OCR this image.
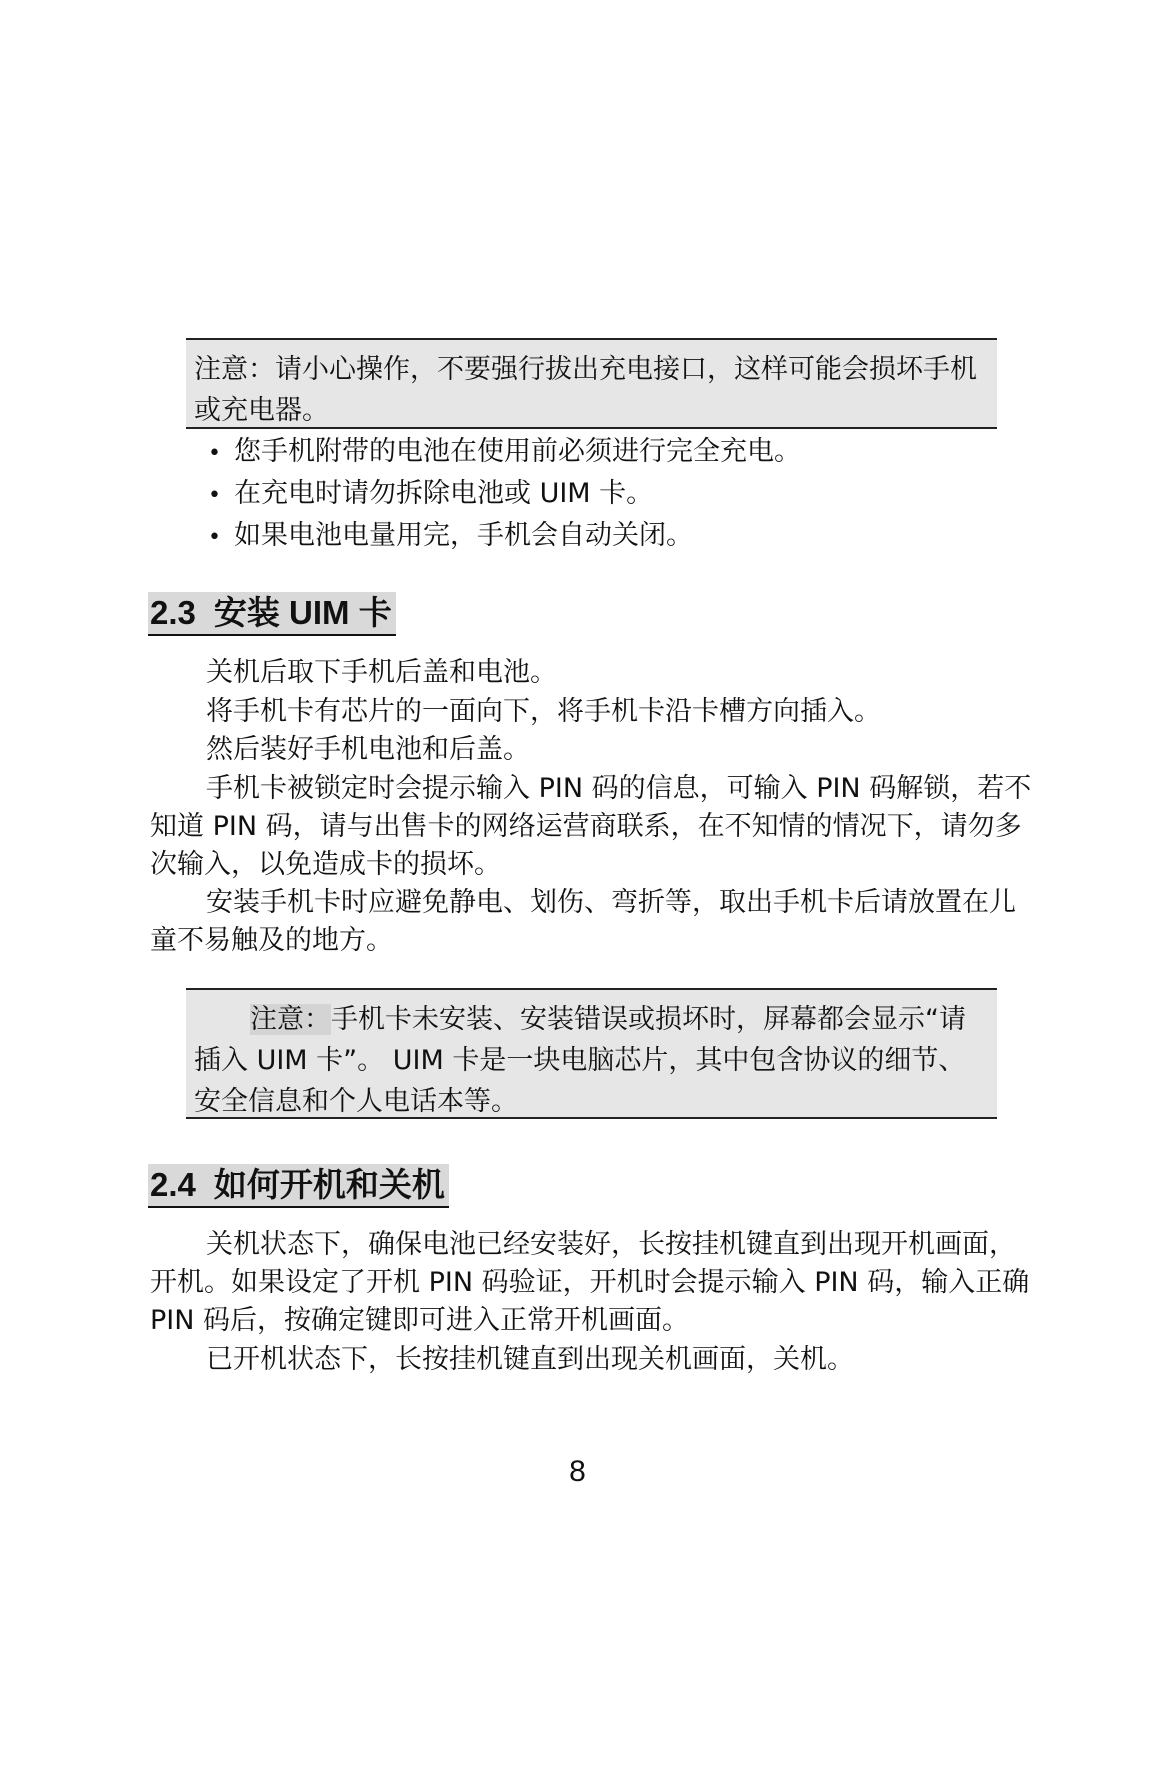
注意：请小心操作，不要强行拔出充电接口，这样可能会损坏手机或充电器。

• 您手机附带的电池在使用前必须进行完全充电。
• 在充电时请勿拆除电池或 UIM 卡。
• 如果电池电量用完，手机会自动关闭。
2.3 安装 UIM 卡

关机后取下手机后盖和电池。

将手机卡有芯片的一面向下，将手机卡沿卡槽方向插入。

然后装好手机电池和后盖。

手机卡被锁定时会提示输入 PIN 码的信息，可输入 PIN 码解锁，若不知道 PIN 码，请与出售卡的网络运营商联系，在不知情的情况下，请勿多次输入，以免造成卡的损坏。

安装手机卡时应避免静电、划伤、弯折等，取出手机卡后请放置在儿童不易触及的地方。

注意：手机卡未安装、安装错误或损坏时，屏幕都会显示“请插入 UIM 卡”。 UIM 卡是一块电脑芯片，其中包含协议的细节、安全信息和个人电话本等。

2.4 如何开机和关机

关机状态下，确保电池已经安装好，长按挂机键直到出现开机画面，开机。如果设定了开机 PIN 码验证，开机时会提示输入 PIN 码，输入正确 PIN 码后，按确定键即可进入正常开机画面。

已开机状态下，长按挂机键直到出现关机画面，关机。

8
